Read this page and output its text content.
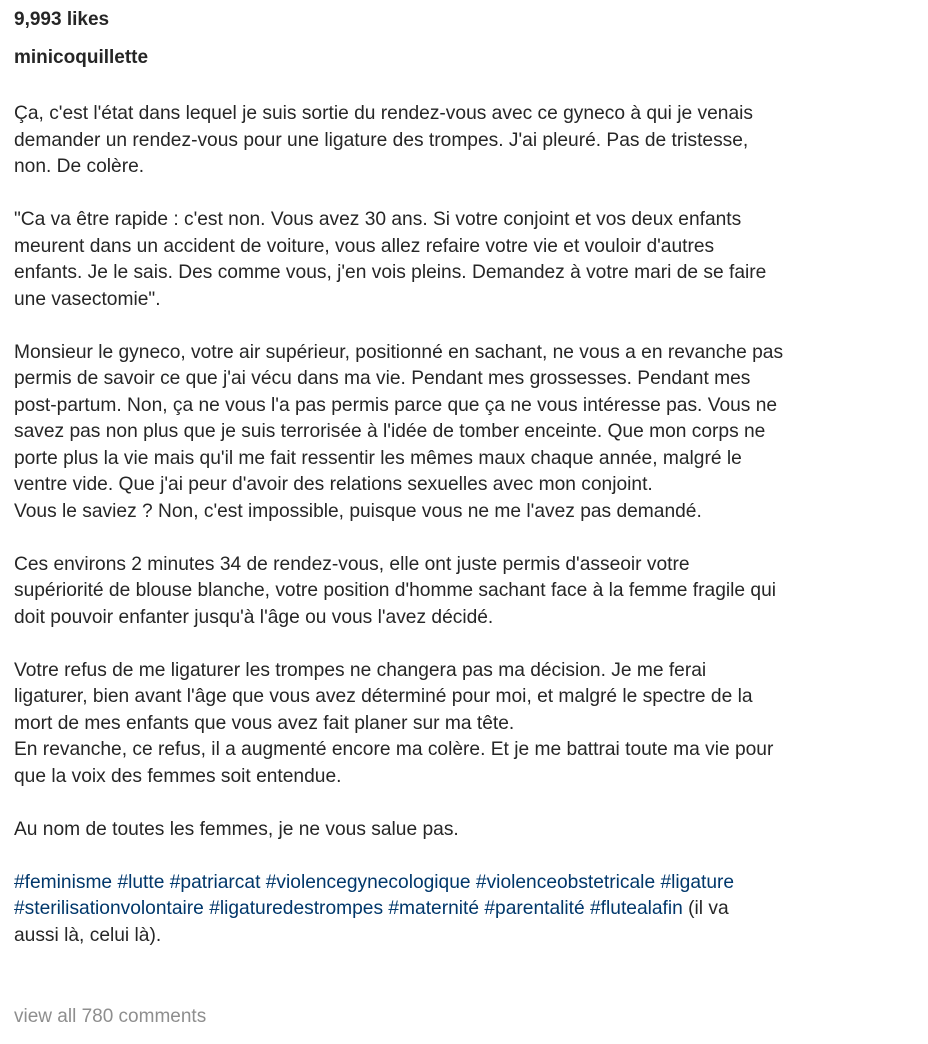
9,993 likes
minicoquillette
Ça, c'est l'état dans lequel je suis sortie du rendez-vous avec ce gyneco à qui je venais
demander un rendez-vous pour une ligature des trompes. J'ai pleuré. Pas de tristesse,
non. De colère.
"Ca va être rapide : c'est non. Vous avez 30 ans. Si votre conjoint et vos deux enfants
meurent dans un accident de voiture, vous allez refaire votre vie et vouloir d'autres
enfants. Je le sais. Des comme vous, j'en vois pleins. Demandez à votre mari de se faire
une vasectomie".
Monsieur le gyneco, votre air supérieur, positionné en sachant, ne vous a en revanche pas
permis de savoir ce que j'ai vécu dans ma vie. Pendant mes grossesses. Pendant mes
post-partum. Non, ça ne vous l'a pas permis parce que ça ne vous intéresse pas. Vous ne
savez pas non plus que je suis terrorisée à l'idée de tomber enceinte. Que mon corps ne
porte plus la vie mais qu'il me fait ressentir les mêmes maux chaque année, malgré le
ventre vide. Que j'ai peur d'avoir des relations sexuelles avec mon conjoint.
Vous le saviez ? Non, c'est impossible, puisque vous ne me l'avez pas demandé.
Ces environs 2 minutes 34 de rendez-vous, elle ont juste permis d'asseoir votre
supériorité de blouse blanche, votre position d'homme sachant face à la femme fragile qui
doit pouvoir enfanter jusqu'à l'âge ou vous l'avez décidé.
Votre refus de me ligaturer les trompes ne changera pas ma décision. Je me ferai
ligaturer, bien avant l'âge que vous avez déterminé pour moi, et malgré le spectre de la
mort de mes enfants que vous avez fait planer sur ma tête.
En revanche, ce refus, il a augmenté encore ma colère. Et je me battrai toute ma vie pour
que la voix des femmes soit entendue.
Au nom de toutes les femmes, je ne vous salue pas.
#feminisme #lutte #patriarcat #violencegynecologique #violenceobstetricale #ligature
#sterilisationvolontaire #ligaturedestrompes #maternité #parentalité #flutealafin (il va
aussi là, celui là).
view all 780 comments
